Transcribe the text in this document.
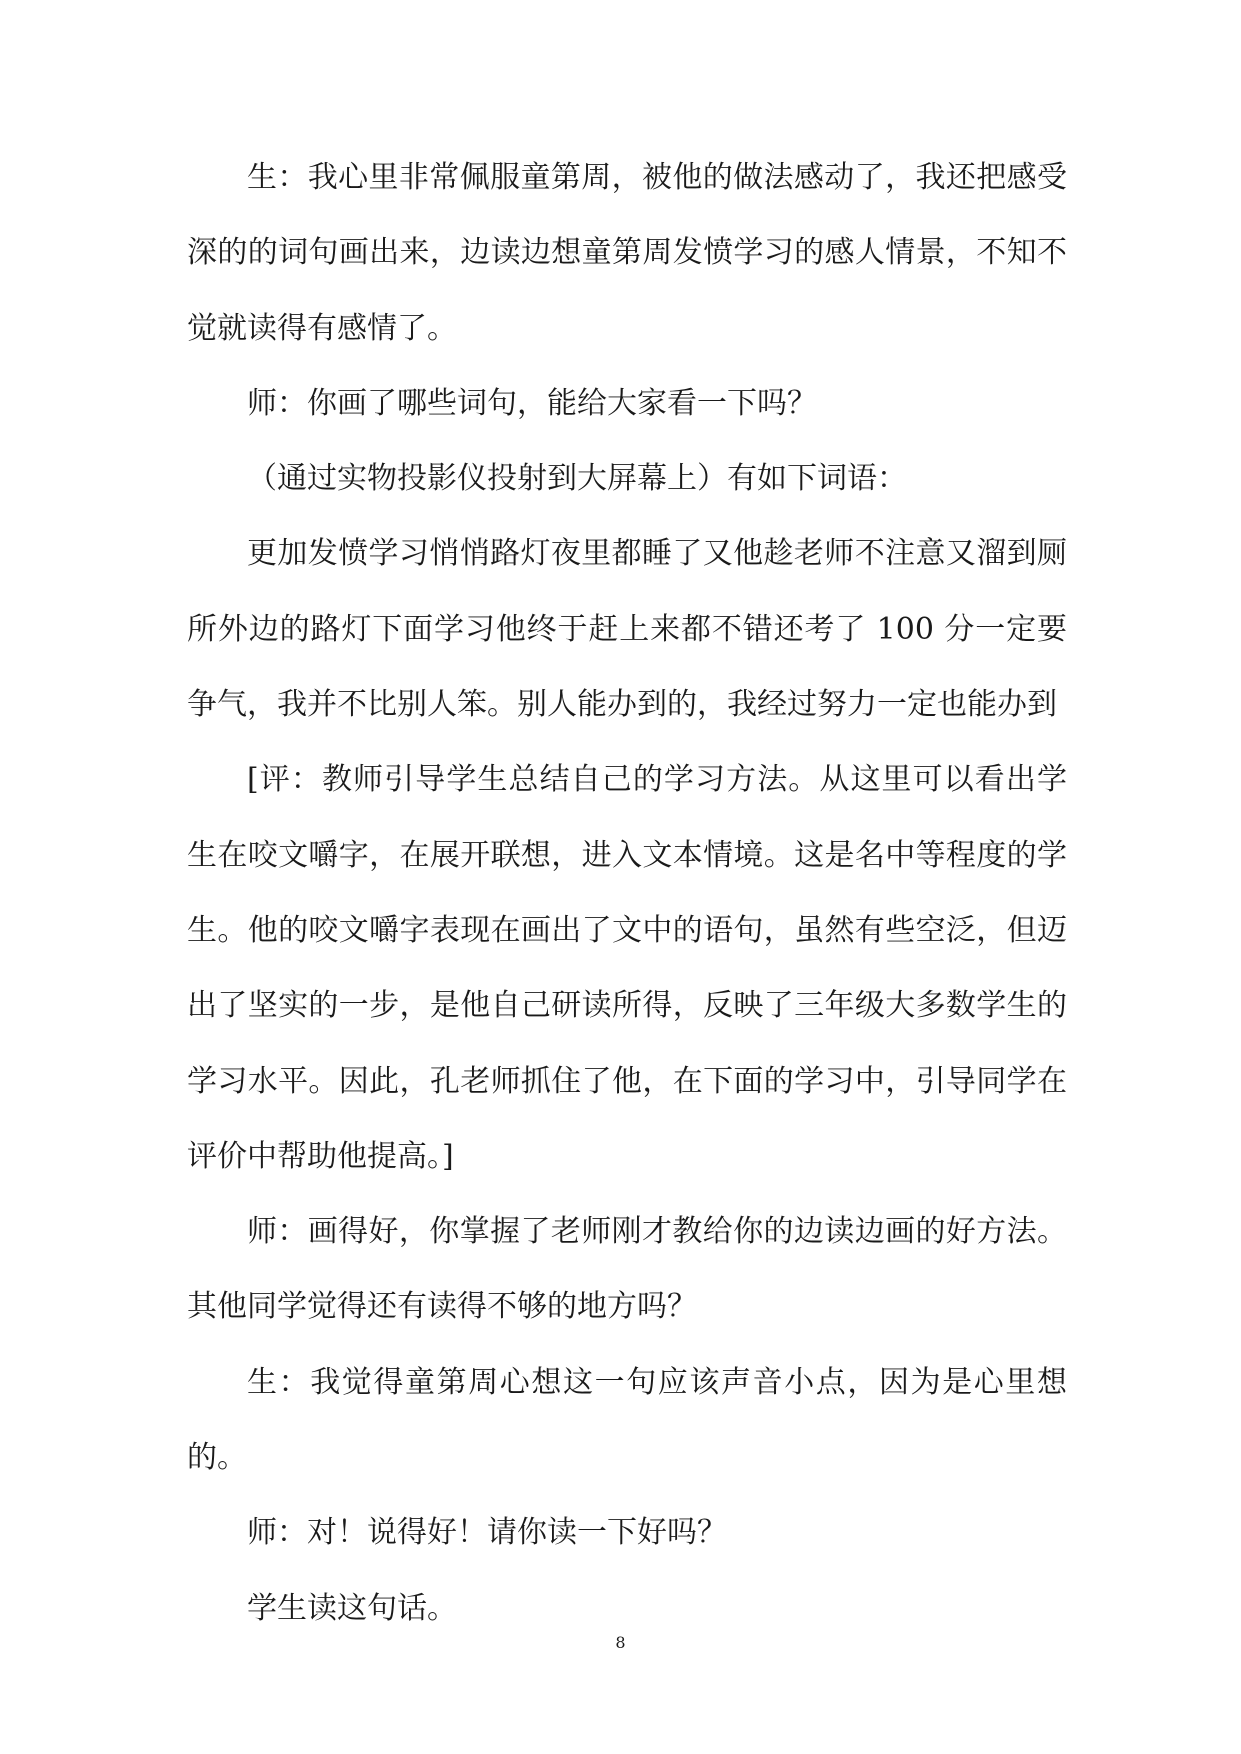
生：我心里非常佩服童第周，被他的做法感动了，我还把感受深的的词句画出来，边读边想童第周发愤学习的感人情景，不知不觉就读得有感情了。

师：你画了哪些词句，能给大家看一下吗？

（通过实物投影仪投射到大屏幕上）有如下词语：

更加发愤学习悄悄路灯夜里都睡了又他趁老师不注意又溜到厕所外边的路灯下面学习他终于赶上来都不错还考了 100 分一定要争气，我并不比别人笨。别人能办到的，我经过努力一定也能办到

[评：教师引导学生总结自己的学习方法。从这里可以看出学生在咬文嚼字，在展开联想，进入文本情境。这是名中等程度的学生。他的咬文嚼字表现在画出了文中的语句，虽然有些空泛，但迈出了坚实的一步，是他自己研读所得，反映了三年级大多数学生的学习水平。因此，孔老师抓住了他，在下面的学习中，引导同学在评价中帮助他提高。]

师：画得好，你掌握了老师刚才教给你的边读边画的好方法。其他同学觉得还有读得不够的地方吗？

生：我觉得童第周心想这一句应该声音小点，因为是心里想的。

师：对！说得好！请你读一下好吗？

学生读这句话。

8
